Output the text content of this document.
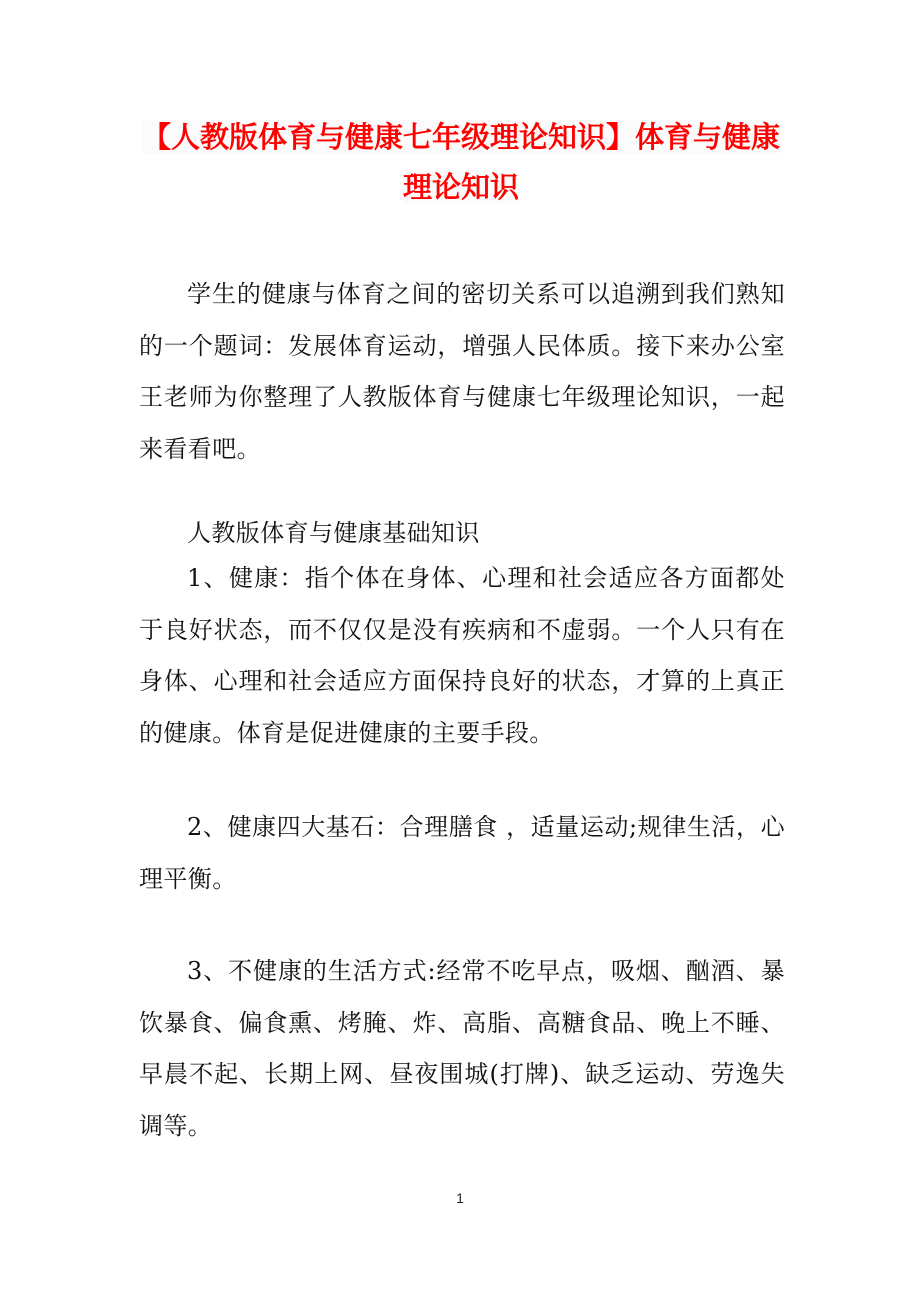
【人教版体育与健康七年级理论知识】体育与健康理论知识

学生的健康与体育之间的密切关系可以追溯到我们熟知的一个题词：发展体育运动，增强人民体质。接下来办公室王老师为你整理了人教版体育与健康七年级理论知识，一起来看看吧。

人教版体育与健康基础知识

1、健康：指个体在身体、心理和社会适应各方面都处于良好状态，而不仅仅是没有疾病和不虚弱。一个人只有在身体、心理和社会适应方面保持良好的状态，才算的上真正的健康。体育是促进健康的主要手段。

2、健康四大基石：合理膳食 ，适量运动;规律生活，心理平衡。

3、不健康的生活方式:经常不吃早点，吸烟、酗酒、暴饮暴食、偏食熏、烤腌、炸、高脂、高糖食品、晚上不睡、早晨不起、长期上网、昼夜围城(打牌)、缺乏运动、劳逸失调等。

1
